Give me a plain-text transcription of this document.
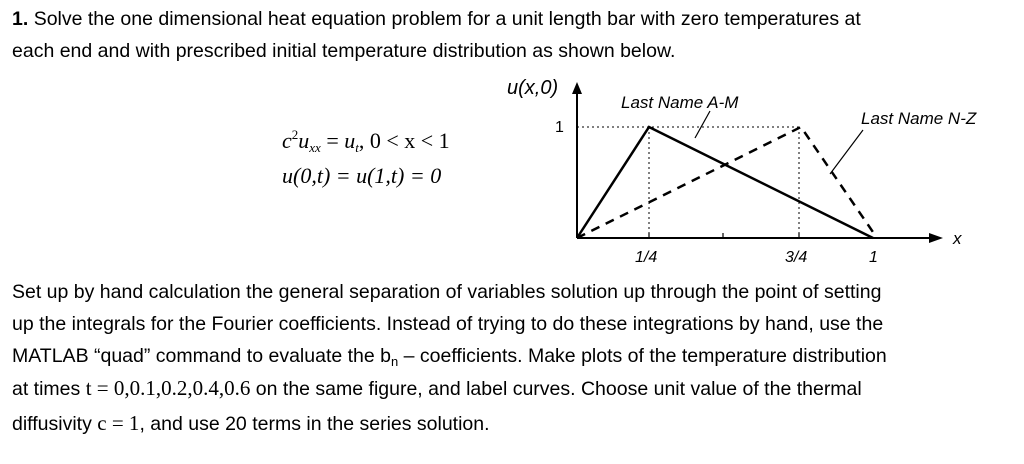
1. Solve the one dimensional heat equation problem for a unit length bar with zero temperatures at
each end and with prescribed initial temperature distribution as shown below.
$c^2u_{xx} = u_t$, 0 < x < 1
u(0,t) = u(1,t) = 0
u(x,0)
1
Last Name A-M
Last Name N-Z
x
1/4	3/4	1
Set up by hand calculation the general separation of variables solution up through the point of setting
up the integrals for the Fourier coefficients. Instead of trying to do these integrations by hand, use the
MATLAB “quad” command to evaluate the $b_n$ – coefficients. Make plots of the temperature distribution
at times t = 0,0.1,0.2,0.4,0.6 on the same figure, and label curves. Choose unit value of the thermal
diffusivity c = 1, and use 20 terms in the series solution.
